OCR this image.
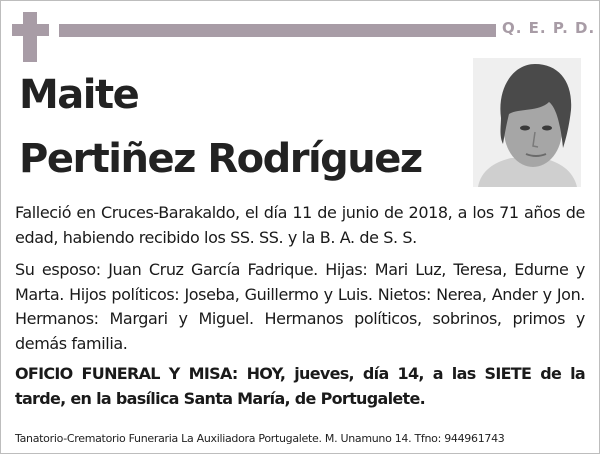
Q. E. P. D.
Maite
Pertiñez Rodríguez
Falleció en Cruces-Barakaldo, el día 11 de junio de 2018, a los 71 años de edad, habiendo recibido los SS. SS. y la B. A. de S. S.
Su esposo: Juan Cruz García Fadrique. Hijas: Mari Luz, Teresa, Edurne y Marta. Hijos políticos: Joseba, Guillermo y Luis. Nietos: Nerea, Ander y Jon. Hermanos: Margari y Miguel. Hermanos políticos, sobrinos, primos y demás familia.
OFICIO FUNERAL Y MISA: HOY, jueves, día 14, a las SIETE de la tarde, en la basílica Santa María, de Portugalete.
Tanatorio-Crematorio Funeraria La Auxiliadora Portugalete. M. Unamuno 14. Tfno: 944961743
